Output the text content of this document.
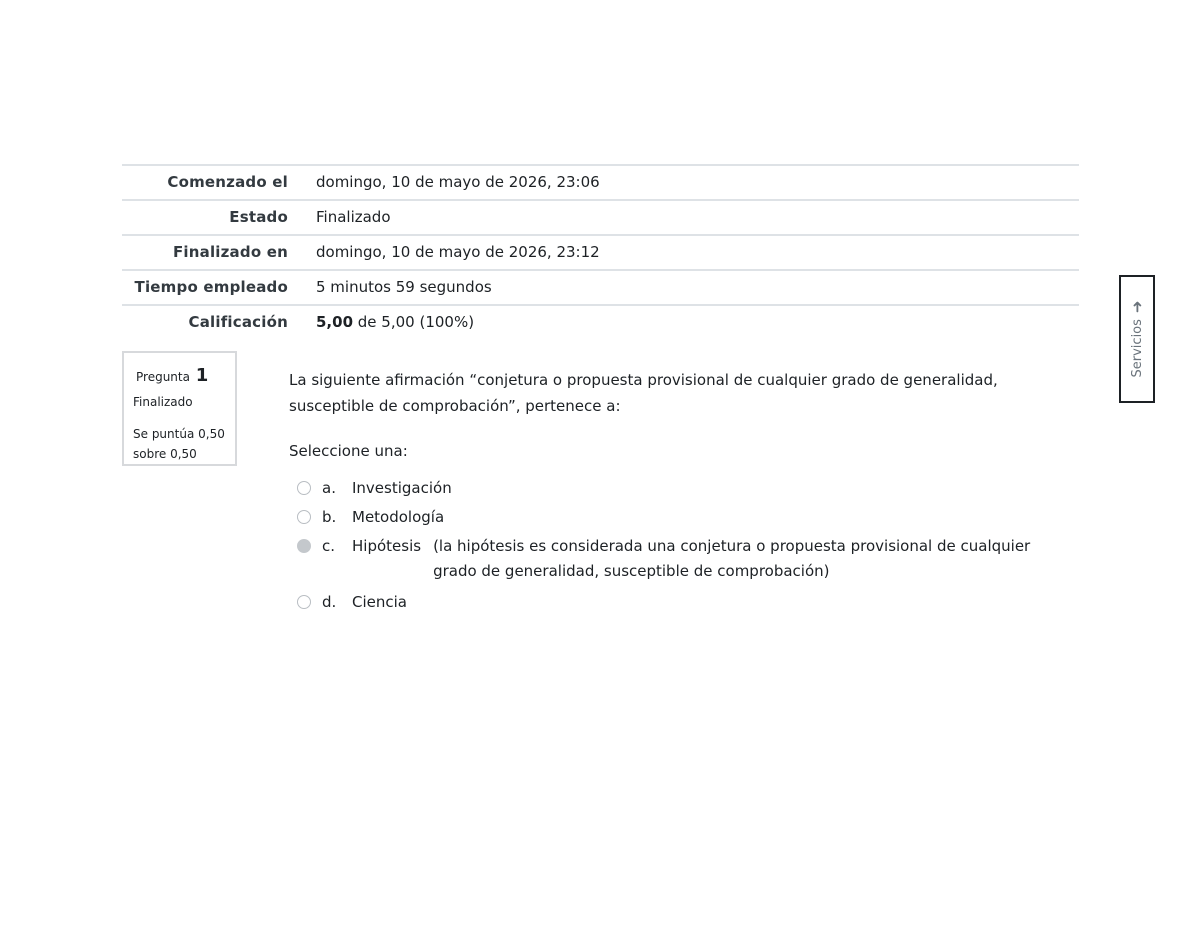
Comenzado el	domingo, 10 de mayo de 2026, 23:06
Estado	Finalizado
Finalizado en	domingo, 10 de mayo de 2026, 23:12
Tiempo empleado	5 minutos 59 segundos
Calificación	5,00 de 5,00 (100%)
Pregunta 1
Finalizado
Se puntúa 0,50 sobre 0,50
La siguiente afirmación “conjetura o propuesta provisional de cualquier grado de generalidad, susceptible de comprobación”, pertenece a:
Seleccione una:
a.	Investigación
b.	Metodología
c.	Hipótesis (la hipótesis es considerada una conjetura o propuesta provisional de cualquier grado de generalidad, susceptible de comprobación)
d.	Ciencia
Servicios
➜
